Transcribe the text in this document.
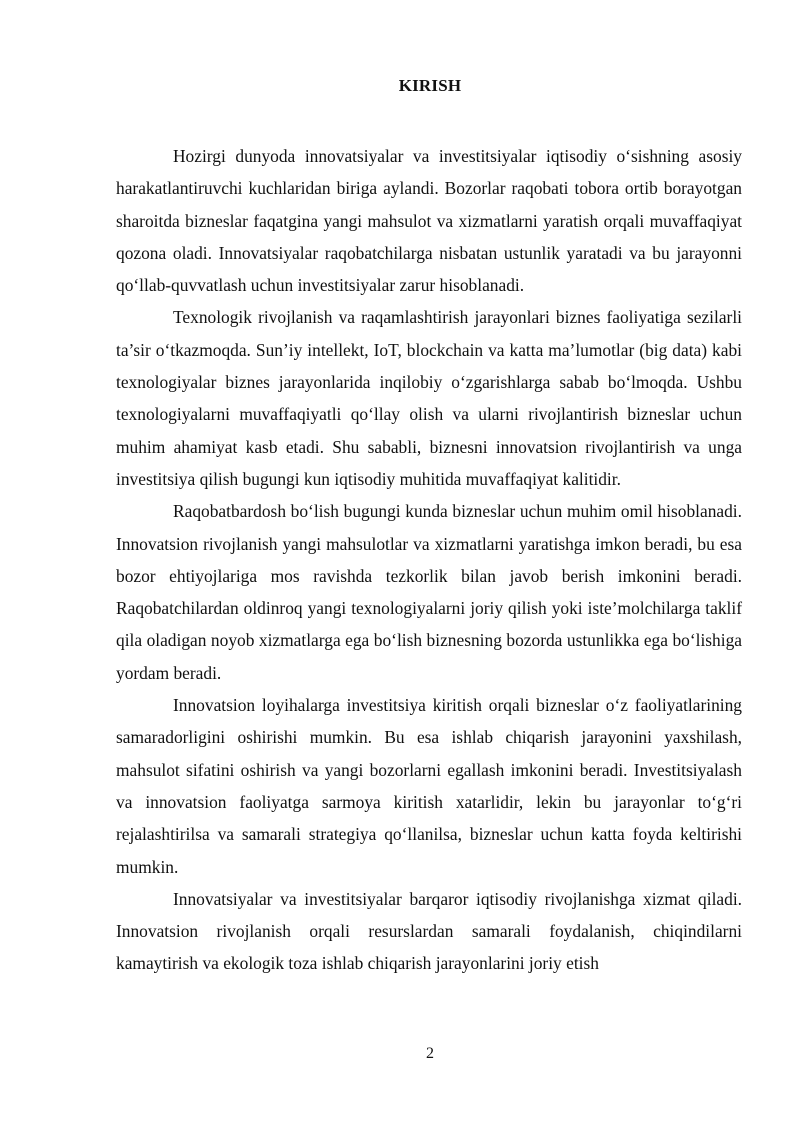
KIRISH

Hozirgi dunyoda innovatsiyalar va investitsiyalar iqtisodiy o‘sishning asosiy harakatlantiruvchi kuchlaridan biriga aylandi. Bozorlar raqobati tobora ortib borayotgan sharoitda bizneslar faqatgina yangi mahsulot va xizmatlarni yaratish orqali muvaffaqiyat qozona oladi. Innovatsiyalar raqobatchilarga nisbatan ustunlik yaratadi va bu jarayonni qo‘llab-quvvatlash uchun investitsiyalar zarur hisoblanadi.

Texnologik rivojlanish va raqamlashtirish jarayonlari biznes faoliyatiga sezilarli ta’sir o‘tkazmoqda. Sun’iy intellekt, IoT, blockchain va katta ma’lumotlar (big data) kabi texnologiyalar biznes jarayonlarida inqilobiy o‘zgarishlarga sabab bo‘lmoqda. Ushbu texnologiyalarni muvaffaqiyatli qo‘llay olish va ularni rivojlantirish bizneslar uchun muhim ahamiyat kasb etadi. Shu sababli, biznesni innovatsion rivojlantirish va unga investitsiya qilish bugungi kun iqtisodiy muhitida muvaffaqiyat kalitidir.

Raqobatbardosh bo‘lish bugungi kunda bizneslar uchun muhim omil hisoblanadi. Innovatsion rivojlanish yangi mahsulotlar va xizmatlarni yaratishga imkon beradi, bu esa bozor ehtiyojlariga mos ravishda tezkorlik bilan javob berish imkonini beradi. Raqobatchilardan oldinroq yangi texnologiyalarni joriy qilish yoki iste’molchilarga taklif qila oladigan noyob xizmatlarga ega bo‘lish biznesning bozorda ustunlikka ega bo‘lishiga yordam beradi.

Innovatsion loyihalarga investitsiya kiritish orqali bizneslar o‘z faoliyatlarining samaradorligini oshirishi mumkin. Bu esa ishlab chiqarish jarayonini yaxshilash, mahsulot sifatini oshirish va yangi bozorlarni egallash imkonini beradi. Investitsiyalash va innovatsion faoliyatga sarmoya kiritish xatarlidir, lekin bu jarayonlar to‘g‘ri rejalashtirilsa va samarali strategiya qo‘llanilsa, bizneslar uchun katta foyda keltirishi mumkin.

Innovatsiyalar va investitsiyalar barqaror iqtisodiy rivojlanishga xizmat qiladi. Innovatsion rivojlanish orqali resurslardan samarali foydalanish, chiqindilarni kamaytirish va ekologik toza ishlab chiqarish jarayonlarini joriy etish

2
